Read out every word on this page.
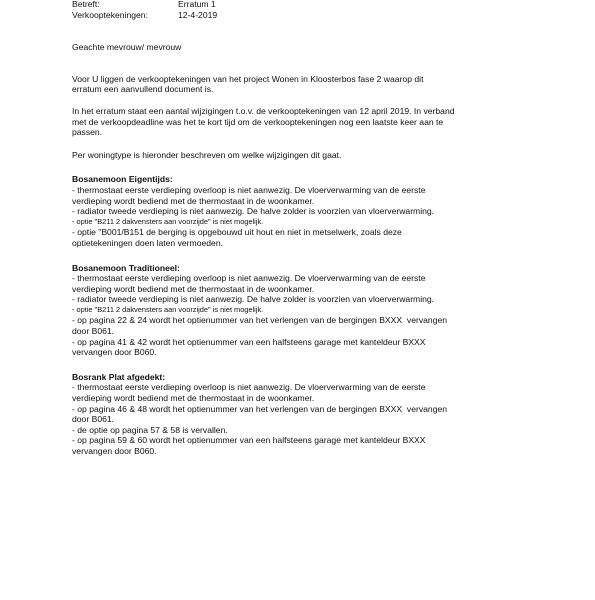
Betreft:	Erratum 1
Verkooptekeningen:	12-4-2019

Geachte mevrouw/ mevrouw

Voor U liggen de verkooptekeningen van het project Wonen in Kloosterbos fase 2 waarop dit
erratum een aanvullend document is.
In het erratum staat een aantal wijzigingen t.o.v. de verkooptekeningen van 12 april 2019. In verband
met de verkoopdeadline was het te kort tijd om de verkooptekeningen nog een laatste keer aan te
passen.
Per woningtype is hieronder beschreven om welke wijzigingen dit gaat.
Bosanemoon Eigentijds:
- thermostaat eerste verdieping overloop is niet aanwezig. De vloerverwarming van de eerste
verdieping wordt bediend met de thermostaat in de woonkamer.
- radiator tweede verdieping is niet aanwezig. De halve zolder is voorzien van vloerverwarming.
- optie "B211 2 dakvensters aan voorzijde" is niet mogelijk.
- optie "B001/B151 de berging is opgebouwd uit hout en niet in metselwerk, zoals deze
optietekeningen doen laten vermoeden.
Bosanemoon Traditioneel:
- thermostaat eerste verdieping overloop is niet aanwezig. De vloerverwarming van de eerste
verdieping wordt bediend met de thermostaat in de woonkamer.
- radiator tweede verdieping is niet aanwezig. De halve zolder is voorzien van vloerverwarming.
- optie "B211 2 dakvensters aan voorzijde" is niet mogelijk.
- op pagina 22 & 24 wordt het optienummer van het verlengen van de bergingen BXXX  vervangen
door B061.
- op pagina 41 & 42 wordt het optienummer van een halfsteens garage met kanteldeur BXXX
vervangen door B060.
Bosrank Plat afgedekt:
- thermostaat eerste verdieping overloop is niet aanwezig. De vloerverwarming van de eerste
verdieping wordt bediend met de thermostaat in de woonkamer.
- op pagina 46 & 48 wordt het optienummer van het verlengen van de bergingen BXXX  vervangen
door B061.
- de optie op pagina 57 & 58 is vervallen.
- op pagina 59 & 60 wordt het optienummer van een halfsteens garage met kanteldeur BXXX
vervangen door B060.
